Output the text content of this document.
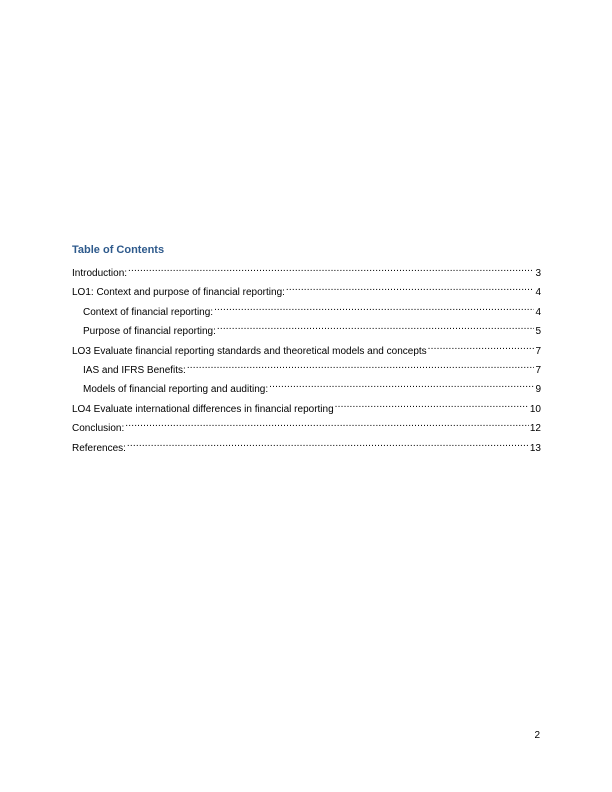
Table of Contents
Introduction: .....	3
LO1: Context and purpose of financial reporting: .....	4
Context of financial reporting: .....	4
Purpose of financial reporting: .....	5
LO3 Evaluate financial reporting standards and theoretical models and concepts .....	7
IAS and IFRS Benefits: .....	7
Models of financial reporting and auditing: .....	9
LO4 Evaluate international differences in financial reporting .....	10
Conclusion: .....	12
References: .....	13
2
